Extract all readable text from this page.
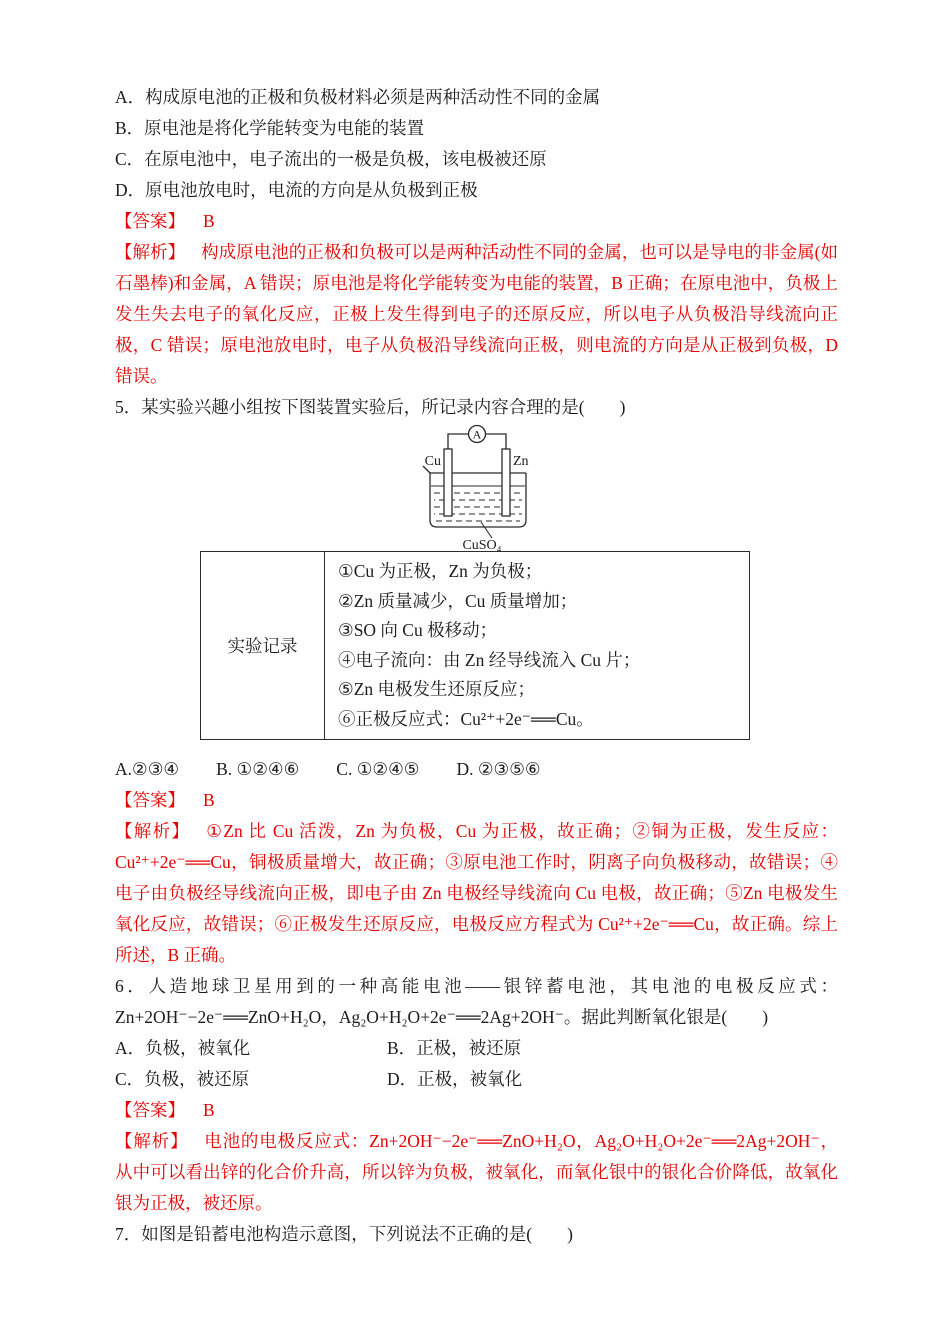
A．构成原电池的正极和负极材料必须是两种活动性不同的金属

B．原电池是将化学能转变为电能的装置

C．在原电池中，电子流出的一极是负极，该电极被还原

D．原电池放电时，电流的方向是从负极到正极

【答案】 B

【解析】 构成原电池的正极和负极可以是两种活动性不同的金属，也可以是导电的非金属(如石墨棒)和金属，A 错误；原电池是将化学能转变为电能的装置，B 正确；在原电池中，负极上发生失去电子的氧化反应，正极上发生得到电子的还原反应，所以电子从负极沿导线流向正极，C 错误；原电池放电时，电子从负极沿导线流向正极，则电流的方向是从正极到负极，D 错误。

5．某实验兴趣小组按下图装置实验后，所记录内容合理的是(　　)

A
Cu	Zn
CuSO₄
实验记录

①Cu 为正极，Zn 为负极；

②Zn 质量减少，Cu 质量增加；

③SO 向 Cu 极移动；

④电子流向：由 Zn 经导线流入 Cu 片；

⑤Zn 电极发生还原反应；

⑥正极反应式：Cu²⁺+2e⁻══Cu。

A.②③④ B. ①②④⑥ C. ①②④⑤ D. ②③⑤⑥

【答案】 B

【解析】 ①Zn 比 Cu 活泼，Zn 为负极，Cu 为正极，故正确；②铜为正极，发生反应：Cu²⁺+2e⁻══Cu，铜极质量增大，故正确；③原电池工作时，阴离子向负极移动，故错误；④电子由负极经导线流向正极，即电子由 Zn 电极经导线流向 Cu 电极，故正确；⑤Zn 电极发生氧化反应，故错误；⑥正极发生还原反应，电极反应方程式为 Cu²⁺+2e⁻══Cu，故正确。综上所述，B 正确。

6．人造地球卫星用到的一种高能电池——银锌蓄电池，其电池的电极反应式：Zn+2OH⁻−2e⁻══ZnO+H₂O，Ag₂O+H₂O+2e⁻══2Ag+2OH⁻。据此判断氧化银是(　　)

A．负极，被氧化	B．正极，被还原
C．负极，被还原	D．正极，被氧化

【答案】 B

【解析】 电池的电极反应式：Zn+2OH⁻−2e⁻══ZnO+H₂O，Ag₂O+H₂O+2e⁻══2Ag+2OH⁻，从中可以看出锌的化合价升高，所以锌为负极，被氧化，而氧化银中的银化合价降低，故氧化银为正极，被还原。

7．如图是铅蓄电池构造示意图，下列说法不正确的是(　　)
